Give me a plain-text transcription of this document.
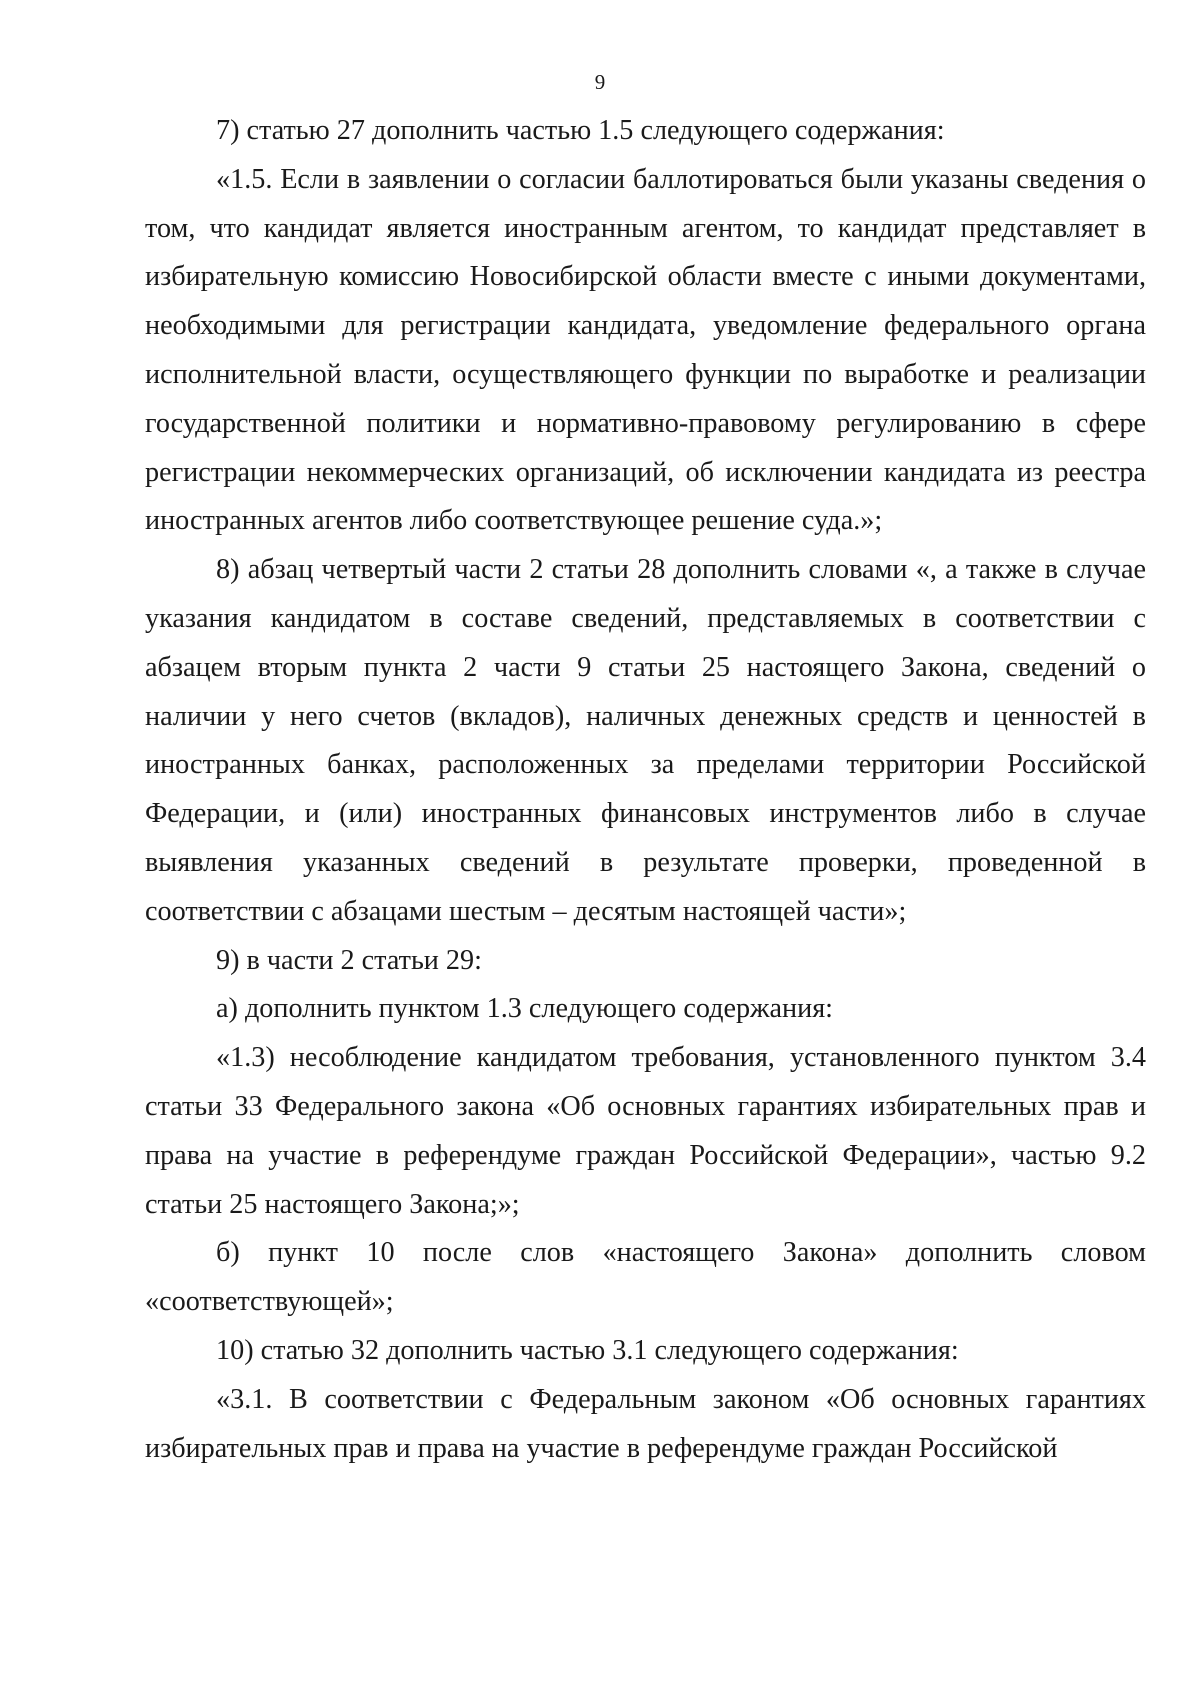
9

7) статью 27 дополнить частью 1.5 следующего содержания:

«1.5. Если в заявлении о согласии баллотироваться были указаны сведения о том, что кандидат является иностранным агентом, то кандидат представляет в избирательную комиссию Новосибирской области вместе с иными документами, необходимыми для регистрации кандидата, уведомление федерального органа исполнительной власти, осуществляющего функции по выработке и реализации государственной политики и нормативно-правовому регулированию в сфере регистрации некоммерческих организаций, об исключении кандидата из реестра иностранных агентов либо соответствующее решение суда.»;

8) абзац четвертый части 2 статьи 28 дополнить словами «, а также в случае указания кандидатом в составе сведений, представляемых в соответствии с абзацем вторым пункта 2 части 9 статьи 25 настоящего Закона, сведений о наличии у него счетов (вкладов), наличных денежных средств и ценностей в иностранных банках, расположенных за пределами территории Российской Федерации, и (или) иностранных финансовых инструментов либо в случае выявления указанных сведений в результате проверки, проведенной в соответствии с абзацами шестым – десятым настоящей части»;

9) в части 2 статьи 29:

а) дополнить пунктом 1.3 следующего содержания:

«1.3) несоблюдение кандидатом требования, установленного пунктом 3.4 статьи 33 Федерального закона «Об основных гарантиях избирательных прав и права на участие в референдуме граждан Российской Федерации», частью 9.2 статьи 25 настоящего Закона;»;

б) пункт 10 после слов «настоящего Закона» дополнить словом «соответствующей»;

10) статью 32 дополнить частью 3.1 следующего содержания:

«3.1. В соответствии с Федеральным законом «Об основных гарантиях избирательных прав и права на участие в референдуме граждан Российской
